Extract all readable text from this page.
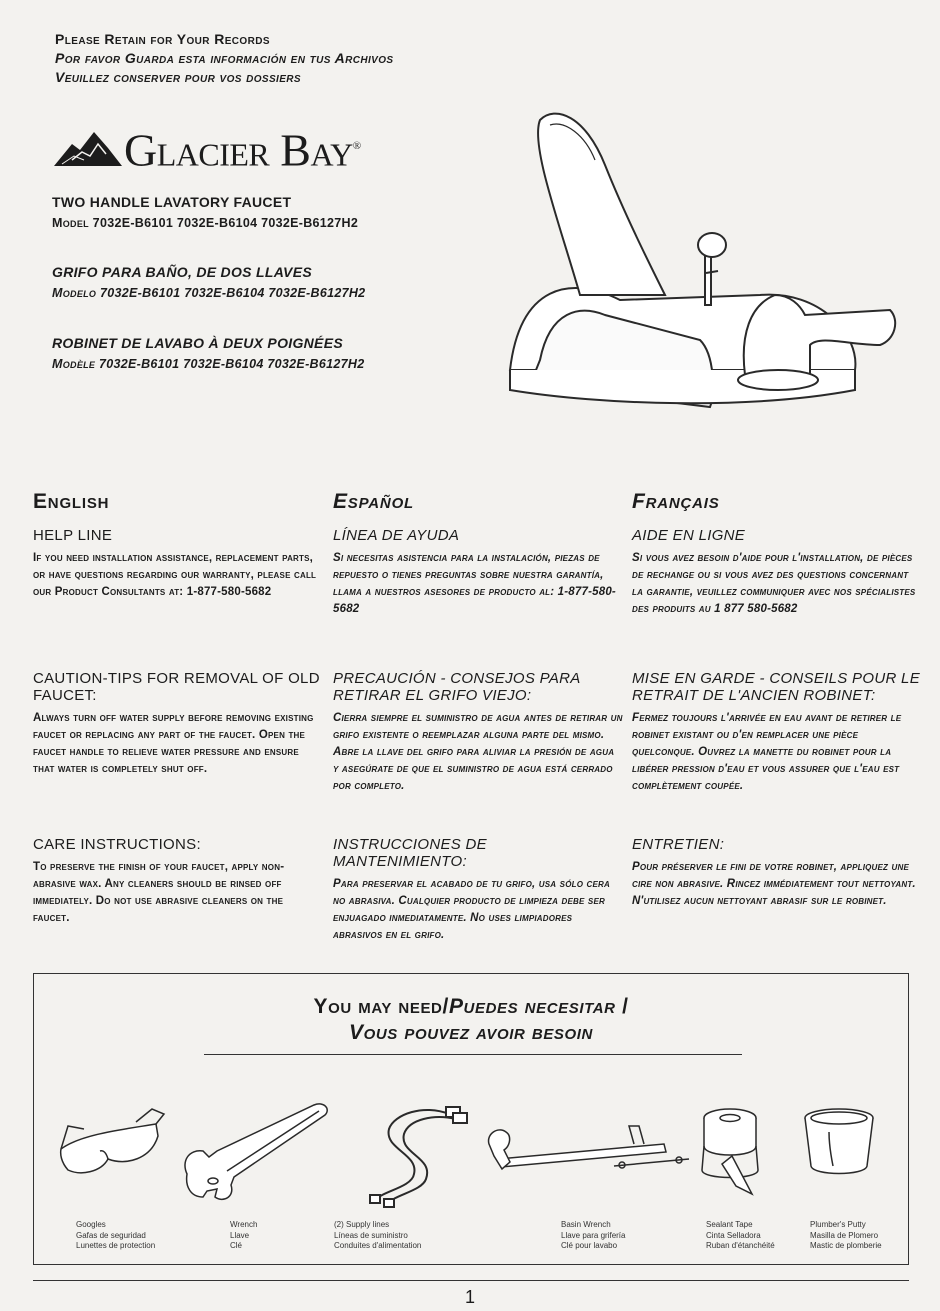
Please Retain for Your Records
Por favor Guarda esta información en tus Archivos
Veuillez conserver pour vos dossiers
Glacier Bay®
TWO HANDLE LAVATORY FAUCET
Model 7032E-B6101 7032E-B6104 7032E-B6127H2
GRIFO PARA BAÑO, DE DOS LLAVES
Modelo 7032E-B6101 7032E-B6104 7032E-B6127H2
ROBINET DE LAVABO À DEUX POIGNÉES
Modèle 7032E-B6101 7032E-B6104 7032E-B6127H2
English
HELP LINE

If you need installation assistance, replacement parts, or have questions regarding our warranty, please call our Product Consultants at: 1-877-580-5682

CAUTION-TIPS FOR REMOVAL OF OLD FAUCET:

Always turn off water supply before removing existing faucet or replacing any part of the faucet. Open the faucet handle to relieve water pressure and ensure that water is completely shut off.

CARE INSTRUCTIONS:

To preserve the finish of your faucet, apply non-abrasive wax. Any cleaners should be rinsed off immediately. Do not use abrasive cleaners on the faucet.

Español
LÍNEA DE AYUDA

Si necesitas asistencia para la instalación, piezas de repuesto o tienes preguntas sobre nuestra garantía, llama a nuestros asesores de producto al: 1-877-580-5682

PRECAUCIÓN - CONSEJOS PARA RETIRAR EL GRIFO VIEJO:

Cierra siempre el suministro de agua antes de retirar un grifo existente o reemplazar alguna parte del mismo. Abre la llave del grifo para aliviar la presión de agua y asegúrate de que el suministro de agua está cerrado por completo.

INSTRUCCIONES DE MANTENIMIENTO:

Para preservar el acabado de tu grifo, usa sólo cera no abrasiva. Cualquier producto de limpieza debe ser enjuagado inmediatamente. No uses limpiadores abrasivos en el grifo.

Français
AIDE EN LIGNE

Si vous avez besoin d'aide pour l'installation, de pièces de rechange ou si vous avez des questions concernant la garantie, veuillez communiquer avec nos spécialistes des produits au 1 877 580-5682

MISE EN GARDE - CONSEILS POUR LE RETRAIT DE L'ANCIEN ROBINET:

Fermez toujours l'arrivée en eau avant de retirer le robinet existant ou d'en remplacer une pièce quelconque. Ouvrez la manette du robinet pour la libérer pression d'eau et vous assurer que l'eau est complètement coupée.

ENTRETIEN:

Pour préserver le fini de votre robinet, appliquez une cire non abrasive. Rincez immédiatement tout nettoyant. N'utilisez aucun nettoyant abrasif sur le robinet.

You may need/Puedes necesitar /
Vous pouvez avoir besoin
Googles
Gafas de seguridad
Lunettes de protection
Wrench
Llave
Clé
(2) Supply lines
Líneas de suministro
Conduites d'alimentation
Basin Wrench
Llave para grifería
Clé pour lavabo
Sealant Tape
Cinta Selladora
Ruban d'étanchéité
Plumber's Putty
Masilla de Plomero
Mastic de plomberie
1
